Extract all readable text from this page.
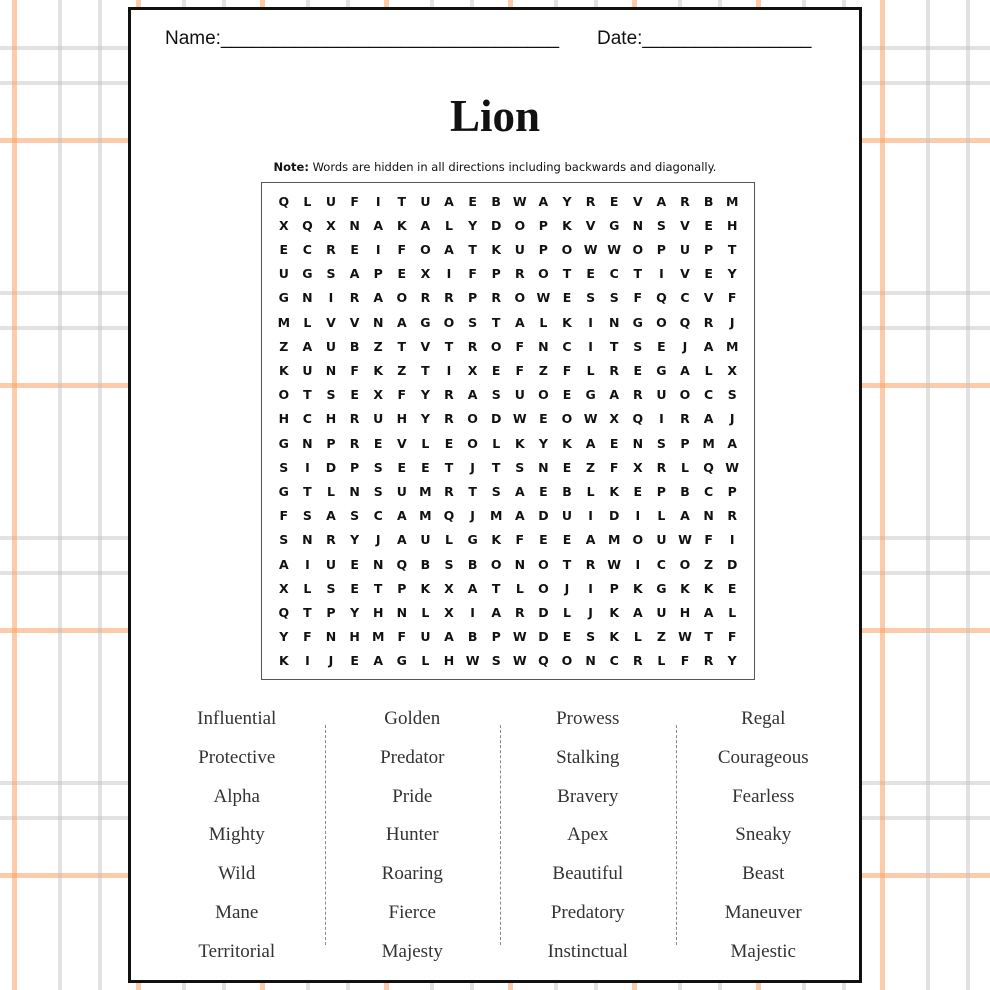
Name:________________________________ Date:________________
Lion
Note: Words are hidden in all directions including backwards and diagonally.
Q	L	U	F	I	T	U	A	E	B W A	Y	R	E	V	A	R	B	M
X	Q	X	N	A	K	A	L	Y	D	O	P	K	V	G	N	S	V	E	H
E	C	R	E	I	F	O	A	T	K	U	P	O W W O	P	U	P	T
U	G	S	A	P	E	X	I	F	P	R	O	T	E	C	T	I	V	E	Y
G	N	I	R	A	O	R	R	P	R	O W E	S	S	F	Q	C	V	F
M	L	V	V	N	A	G	O	S	T	A	L	K	I	N	G	O	Q	R	J
Z	A	U	B	Z	T	V	T	R	O	F	N	C	I	T	S	E	J	A	M
K	U	N	F	K	Z	T	I	X	E	F	Z	F	L	R	E	G	A	L	X
O	T	S	E	X	F	Y	R	A	S	U	O	E	G	A	R	U	O	C	S
H	C	H	R	U	H	Y	R	O	D W E	O W X	Q	I	R	A	J
G	N	P	R	E	V	L	E	O	L	K	Y	K	A	E	N	S	P	M	A
S	I	D	P	S	E	E	T	J	T	S	N	E	Z	F	X	R	L	Q W
G	T	L	N	S	U M	R	T	S	A	E	B	L	K	E	P	B	C	P
F	S	A	S	C	A	M Q	J	M	A	D	U	I	D	I	L	A	N	R
S	N	R	Y	J	A	U	L	G	K	F	E	E	A	M O	U W F	I
A	I	U	E	N	Q	B	S	B	O	N	O	T	R W	I	C	O	Z	D
X	L	S	E	T	P	K	X	A	T	L	O	J	I	P	K	G	K	K	E
Q	T	P	Y	H	N	L	X	I	A	R	D	L	J	K	A	U	H	A	L
Y	F	N	H M	F	U	A	B	P W D	E	S	K	L	Z W T	F
K	I	J	E	A	G	L	H W S W Q	O	N	C	R	L	F	R	Y
Influential
Protective
Alpha
Mighty
Wild
Mane
Territorial
Golden
Predator
Pride
Hunter
Roaring
Fierce
Majesty
Prowess
Stalking
Bravery
Apex
Beautiful
Predatory
Instinctual
Regal
Courageous
Fearless
Sneaky
Beast
Maneuver
Majestic
